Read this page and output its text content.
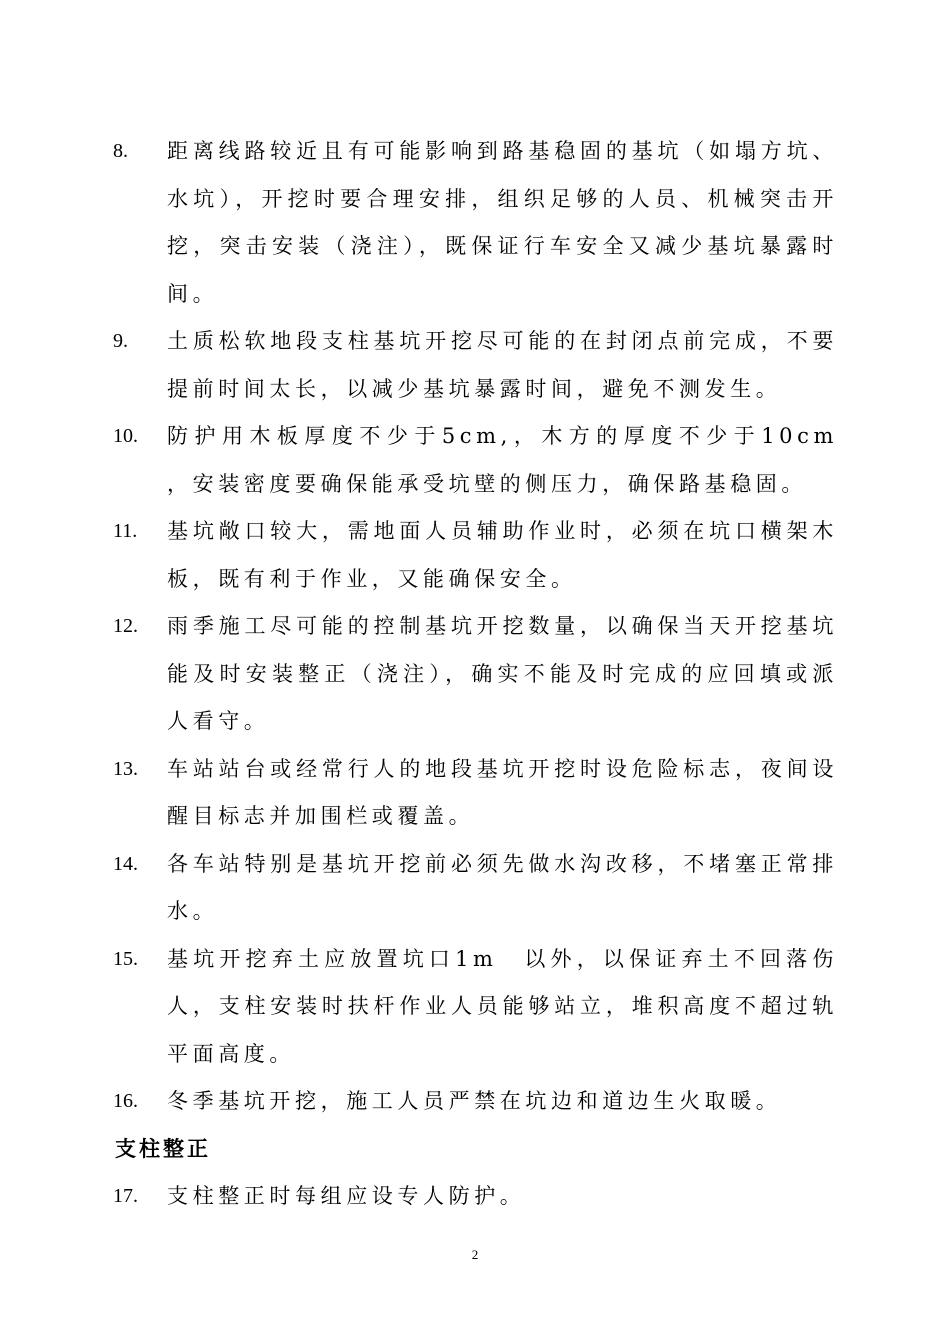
8.	距离线路较近且有可能影响到路基稳固的基坑（如塌方坑、水坑），开挖时要合理安排，组织足够的人员、机械突击开挖，突击安装（浇注），既保证行车安全又减少基坑暴露时间。
9.	土质松软地段支柱基坑开挖尽可能的在封闭点前完成，不要提前时间太长，以减少基坑暴露时间，避免不测发生。
10.	防护用木板厚度不少于5cm,，木方的厚度不少于10cm　，安装密度要确保能承受坑壁的侧压力，确保路基稳固。
11.	基坑敞口较大，需地面人员辅助作业时，必须在坑口横架木板，既有利于作业，又能确保安全。
12.	雨季施工尽可能的控制基坑开挖数量，以确保当天开挖基坑能及时安装整正（浇注），确实不能及时完成的应回填或派人看守。
13.	车站站台或经常行人的地段基坑开挖时设危险标志，夜间设醒目标志并加围栏或覆盖。
14.	各车站特别是基坑开挖前必须先做水沟改移，不堵塞正常排水。
15.	基坑开挖弃土应放置坑口1m　以外，以保证弃土不回落伤人，支柱安装时扶杆作业人员能够站立，堆积高度不超过轨平面高度。
16.	冬季基坑开挖，施工人员严禁在坑边和道边生火取暖。
支柱整正
17.	支柱整正时每组应设专人防护。
2
